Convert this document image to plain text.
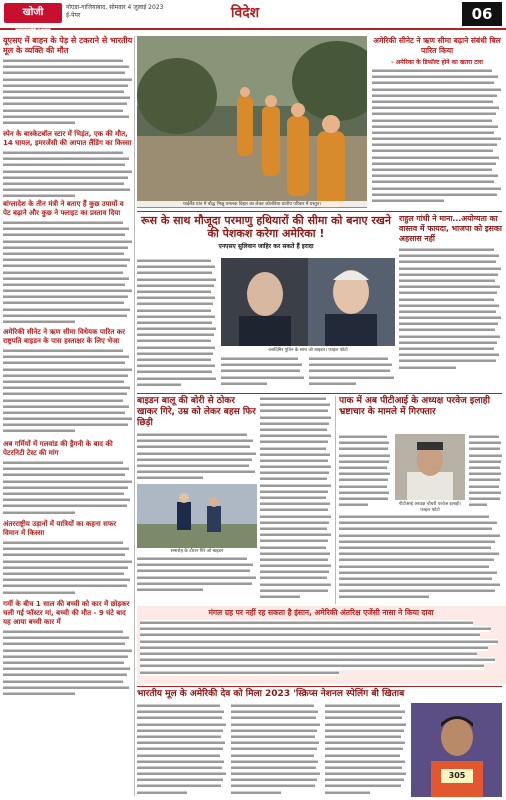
खोजी एनसीआर
नोएडा-गाजियाबाद, सोमवार 4 जुलाई 2023
ई-पेपर	विदेश	06
यूएसए में बाहन के पेड़ से टकराने से भारतीय मूल के व्यक्ति की मौत
स्पेन के बास्केटबॉल स्टार में भिड़ंत, एक की मौत, 14 घायल, इमरजेंसी की आपात लैंडिंग का किस्सा
बांग्लादेश के तीन मंत्री ने बताए हैं कुछ उपायों व पेट बढ़ाने और कुछ ने फ्लाइट का प्रस्ताव दिया
अमेरिकी सीनेट ने ऋण सीमा विधेयक पारित कर राष्ट्रपति बाइडन के पास हस्ताक्षर के लिए भेजा
अब गर्मियों में गलवांड की ड्रैगनी के बाद की पेटरनिटी टेस्ट की मांग
अंतरराष्ट्रीय उड़ानों में यात्रियों का कहना सफर विमान में किस्सा
गर्मी के बीच 1 साल की बच्ची को कार में छोड़कर चली गई फॉस्टर मां, बच्ची की मौत - 9 घंटे बाद यह आया बच्ची कार में
थाईलैंड प्रांत में बौद्ध भिक्षु यमलक विहार का लेकर कोलंबिया प्रांतीय परिवार में प्रस्तुत।
अमेरिकी सीनेट ने ऋण सीमा बढ़ाने संबंधी बिल पारित किया
- अमेरिका के डिफॉल्ट होने का खतरा टला
रूस के साथ मौजूदा परमाणु हथियारों की सीमा को बनाए रखने की पेशकश करेगा अमेरिका !
एनएसए सुलिवान जाहिर कर सकते हैं इरादा
व्लादिमिर पुतिन के साथ जो बाइडन। फाइल फोटो
राहुल गांधी ने माना...अयोग्यता का वास्तव में फायदा, भाजपा को इसका अहसास नहीं
बाइडन बालू की बोरी से ठोकर खाकर गिरे, उम्र को लेकर बहस फिर छिड़ी
समारोह के दौरान गिरे जो बाइडन
पाक में अब पीटीआई के अध्यक्ष परवेज इलाही भ्रष्टाचार के मामले में गिरफ्तार
पीटीआई अध्यक्ष चौधरी परवेज इलाही। फाइल फोटो
मंगल ग्रह पर नहीं रह सकता है इंसान, अमेरिकी अंतरिक्ष एजेंसी नासा ने किया दावा
भारतीय मूल के अमेरिकी देव को मिला 2023 'स्क्रिप्स नेशनल स्पेलिंग बी खिताब
305
